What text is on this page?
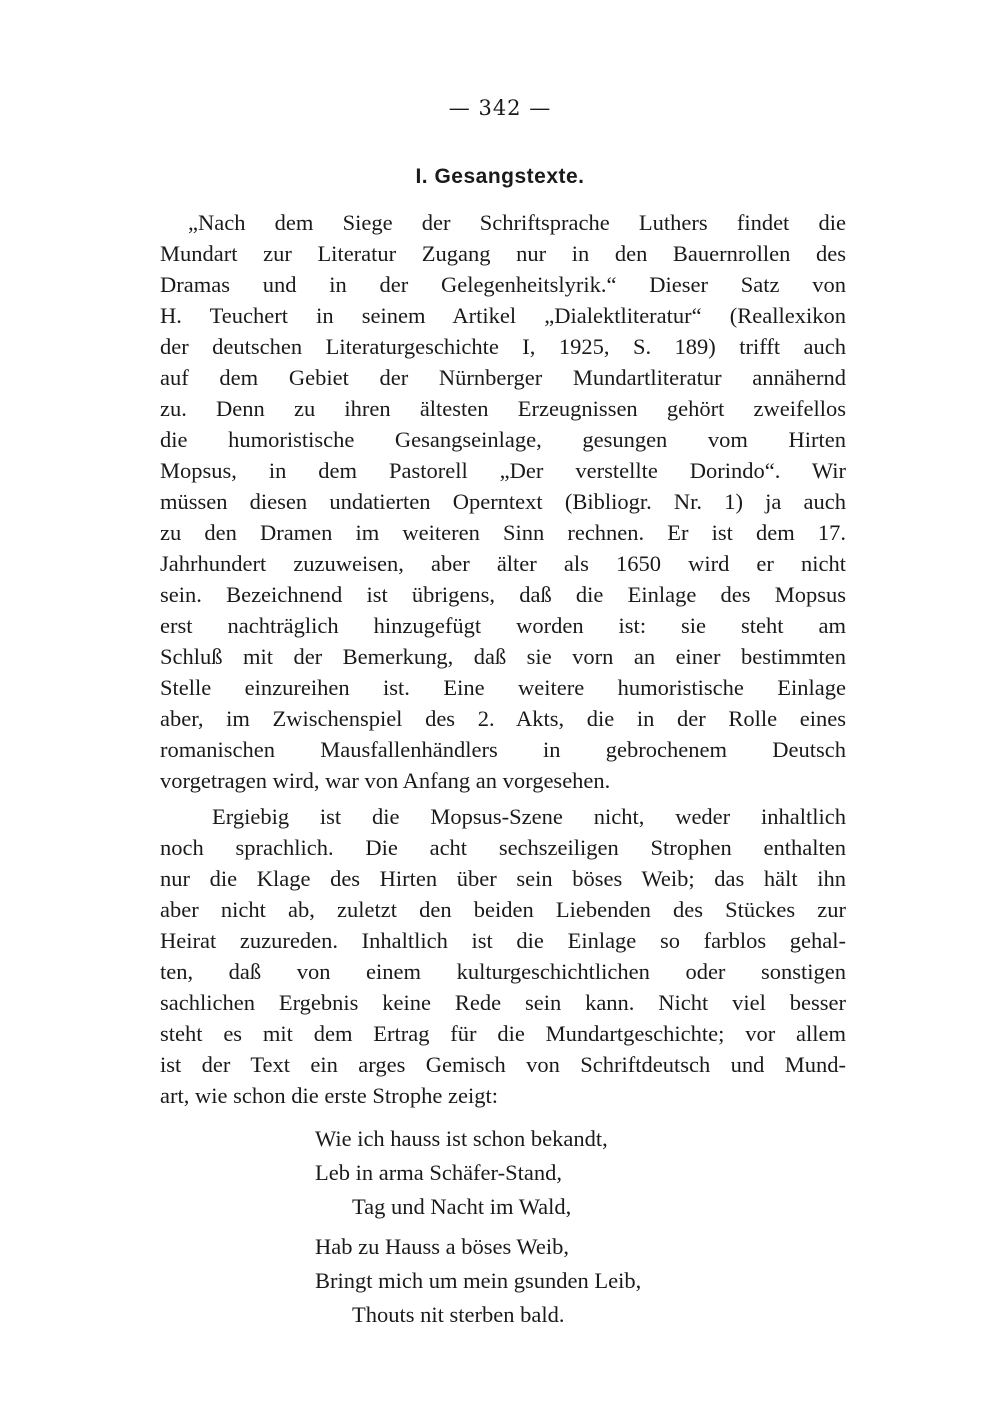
— 342 —
I. Gesangstexte.
„Nach dem Siege der Schriftsprache Luthers findet die
Mundart zur Literatur Zugang nur in den Bauernrollen des
Dramas und in der Gelegenheitslyrik.“ Dieser Satz von
H. Teuchert in seinem Artikel „Dialektliteratur“ (Reallexikon
der deutschen Literaturgeschichte I, 1925, S. 189) trifft auch
auf dem Gebiet der Nürnberger Mundartliteratur annähernd
zu. Denn zu ihren ältesten Erzeugnissen gehört zweifellos
die humoristische Gesangseinlage, gesungen vom Hirten
Mopsus, in dem Pastorell „Der verstellte Dorindo“. Wir
müssen diesen undatierten Operntext (Bibliogr. Nr. 1) ja auch
zu den Dramen im weiteren Sinn rechnen. Er ist dem 17.
Jahrhundert zuzuweisen, aber älter als 1650 wird er nicht
sein. Bezeichnend ist übrigens, daß die Einlage des Mopsus
erst nachträglich hinzugefügt worden ist: sie steht am
Schluß mit der Bemerkung, daß sie vorn an einer bestimmten
Stelle einzureihen ist. Eine weitere humoristische Einlage
aber, im Zwischenspiel des 2. Akts, die in der Rolle eines
romanischen Mausfallenhändlers in gebrochenem Deutsch
vorgetragen wird, war von Anfang an vorgesehen.
Ergiebig ist die Mopsus-Szene nicht, weder inhaltlich
noch sprachlich. Die acht sechszeiligen Strophen enthalten
nur die Klage des Hirten über sein böses Weib; das hält ihn
aber nicht ab, zuletzt den beiden Liebenden des Stückes zur
Heirat zuzureden. Inhaltlich ist die Einlage so farblos gehal-
ten, daß von einem kulturgeschichtlichen oder sonstigen
sachlichen Ergebnis keine Rede sein kann. Nicht viel besser
steht es mit dem Ertrag für die Mundartgeschichte; vor allem
ist der Text ein arges Gemisch von Schriftdeutsch und Mund-
art, wie schon die erste Strophe zeigt:
Wie ich hauss ist schon bekandt,
Leb in arma Schäfer-Stand,
Tag und Nacht im Wald,
Hab zu Hauss a böses Weib,
Bringt mich um mein gsunden Leib,
Thouts nit sterben bald.
